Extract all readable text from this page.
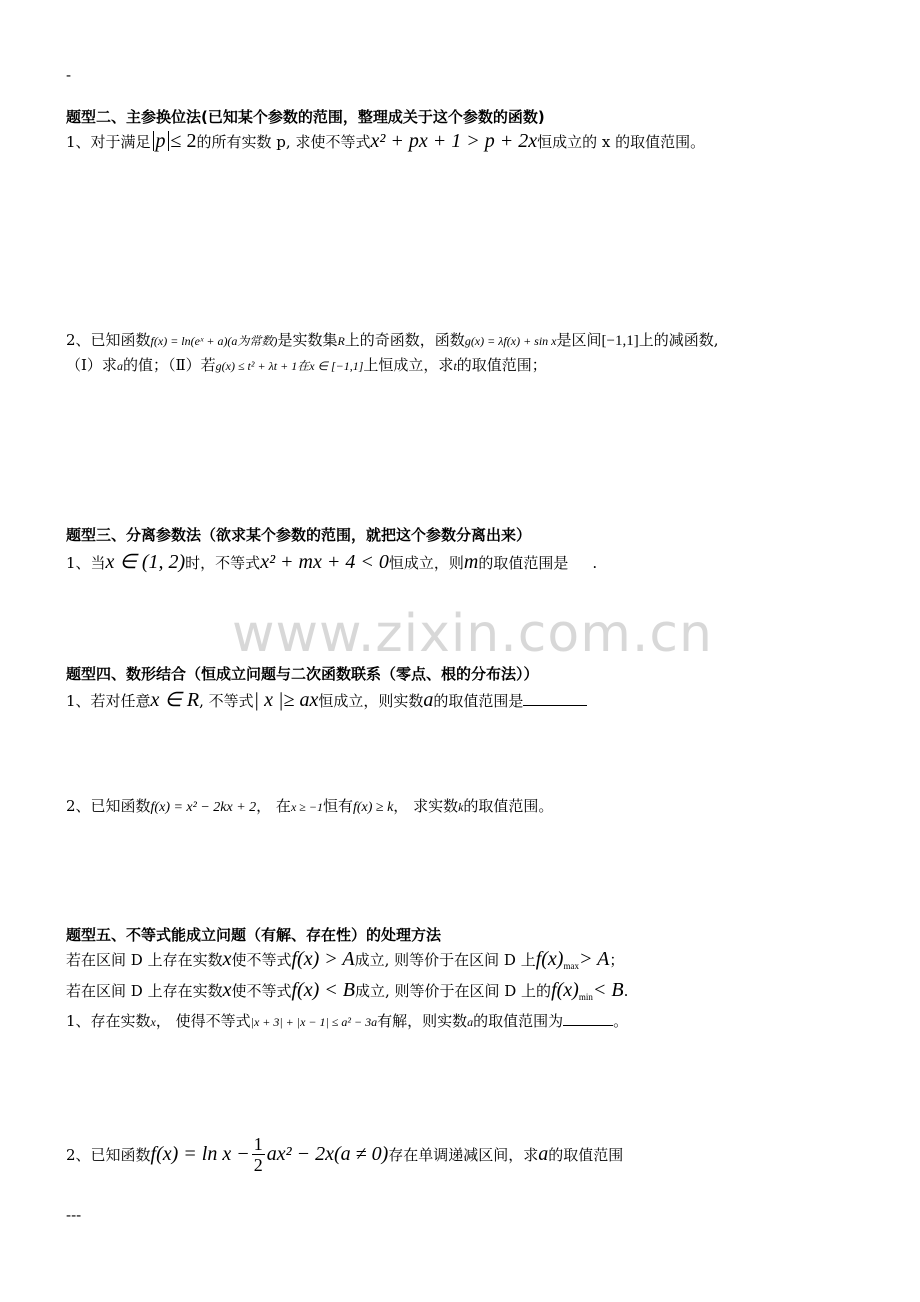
-
题型二、主参换位法(已知某个参数的范围，整理成关于这个参数的函数)
1、对于满足 p ≤ 2的所有实数 p, 求使不等式x² + px + 1 > p + 2x恒成立的 x 的取值范围。
2、已知函数f(x) = ln(eˣ + a)(a为常数)是实数集R上的奇函数，函数g(x) = λf(x) + sin x是区间[−1,1]上的减函数,
（Ⅰ）求a的值；（Ⅱ）若g(x) ≤ t² + λt + 1在x ∈ [−1,1]上恒成立，求t的取值范围；
题型三、分离参数法（欲求某个参数的范围，就把这个参数分离出来）
1、当x ∈ (1, 2)时，不等式x² + mx + 4 < 0恒成立，则m的取值范围是 .
www.zixin.com.cn
题型四、数形结合（恒成立问题与二次函数联系（零点、根的分布法））
1、若对任意x ∈ R, 不等式| x |≥ ax恒成立，则实数a的取值范围是
2、已知函数f(x) = x² − 2kx + 2， 在x ≥ −1恒有f(x) ≥ k， 求实数k的取值范围。
题型五、不等式能成立问题（有解、存在性）的处理方法
若在区间 D 上存在实数x使不等式f(x) > A成立, 则等价于在区间 D 上$f(x)_{max}> A$；
若在区间 D 上存在实数x使不等式f(x) < B成立, 则等价于在区间 D 上的$f(x)_{min}< B$.
1、存在实数x， 使得不等式|x + 3| + |x − 1| ≤ a² − 3a有解，则实数a的取值范围为	。
2、已知函数$f(x) = \ln x - \frac{1}{2} ax^2 - 2x(a \ne 0)$存在单调递减区间，求a的取值范围
---
